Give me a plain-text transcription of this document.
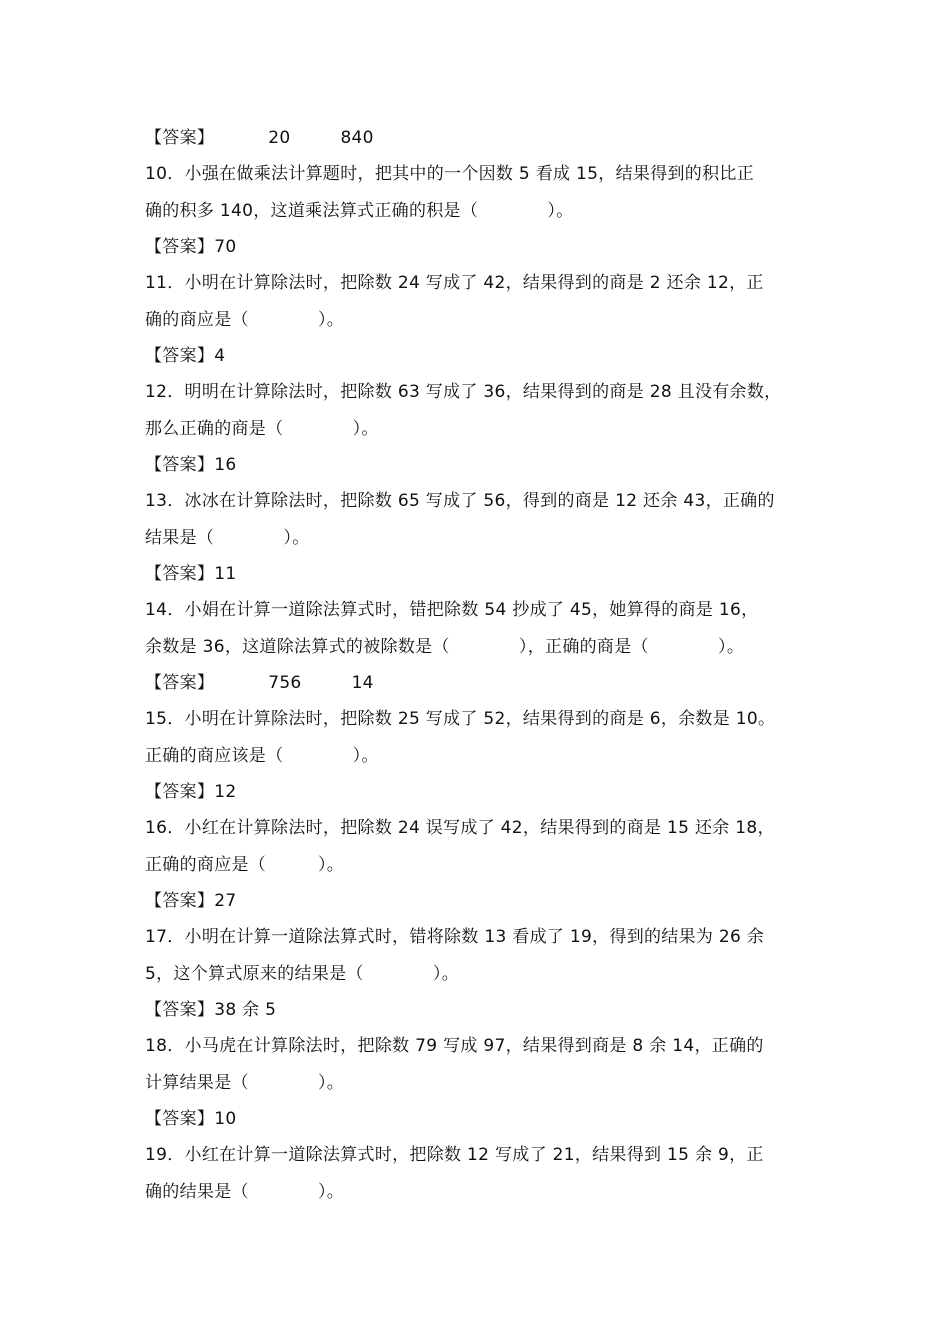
【答案】	20	840
10．小强在做乘法计算题时，把其中的一个因数 5 看成 15，结果得到的积比正
确的积多 140，这道乘法算式正确的积是（　　　　）。
【答案】70
11．小明在计算除法时，把除数 24 写成了 42，结果得到的商是 2 还余 12，正
确的商应是（　　　　）。
【答案】4
12．明明在计算除法时，把除数 63 写成了 36，结果得到的商是 28 且没有余数，
那么正确的商是（　　　　）。
【答案】16
13．冰冰在计算除法时，把除数 65 写成了 56，得到的商是 12 还余 43，正确的
结果是（　　　　）。
【答案】11
14．小娟在计算一道除法算式时，错把除数 54 抄成了 45，她算得的商是 16，
余数是 36，这道除法算式的被除数是（　　　　），正确的商是（　　　　）。
【答案】	756	14
15．小明在计算除法时，把除数 25 写成了 52，结果得到的商是 6，余数是 10。
正确的商应该是（　　　　）。
【答案】12
16．小红在计算除法时，把除数 24 误写成了 42，结果得到的商是 15 还余 18，
正确的商应是（　　　）。
【答案】27
17．小明在计算一道除法算式时，错将除数 13 看成了 19，得到的结果为 26 余
5，这个算式原来的结果是（　　　　）。
【答案】38 余 5
18．小马虎在计算除法时，把除数 79 写成 97，结果得到商是 8 余 14，正确的
计算结果是（　　　　）。
【答案】10
19．小红在计算一道除法算式时，把除数 12 写成了 21，结果得到 15 余 9，正
确的结果是（　　　　）。
